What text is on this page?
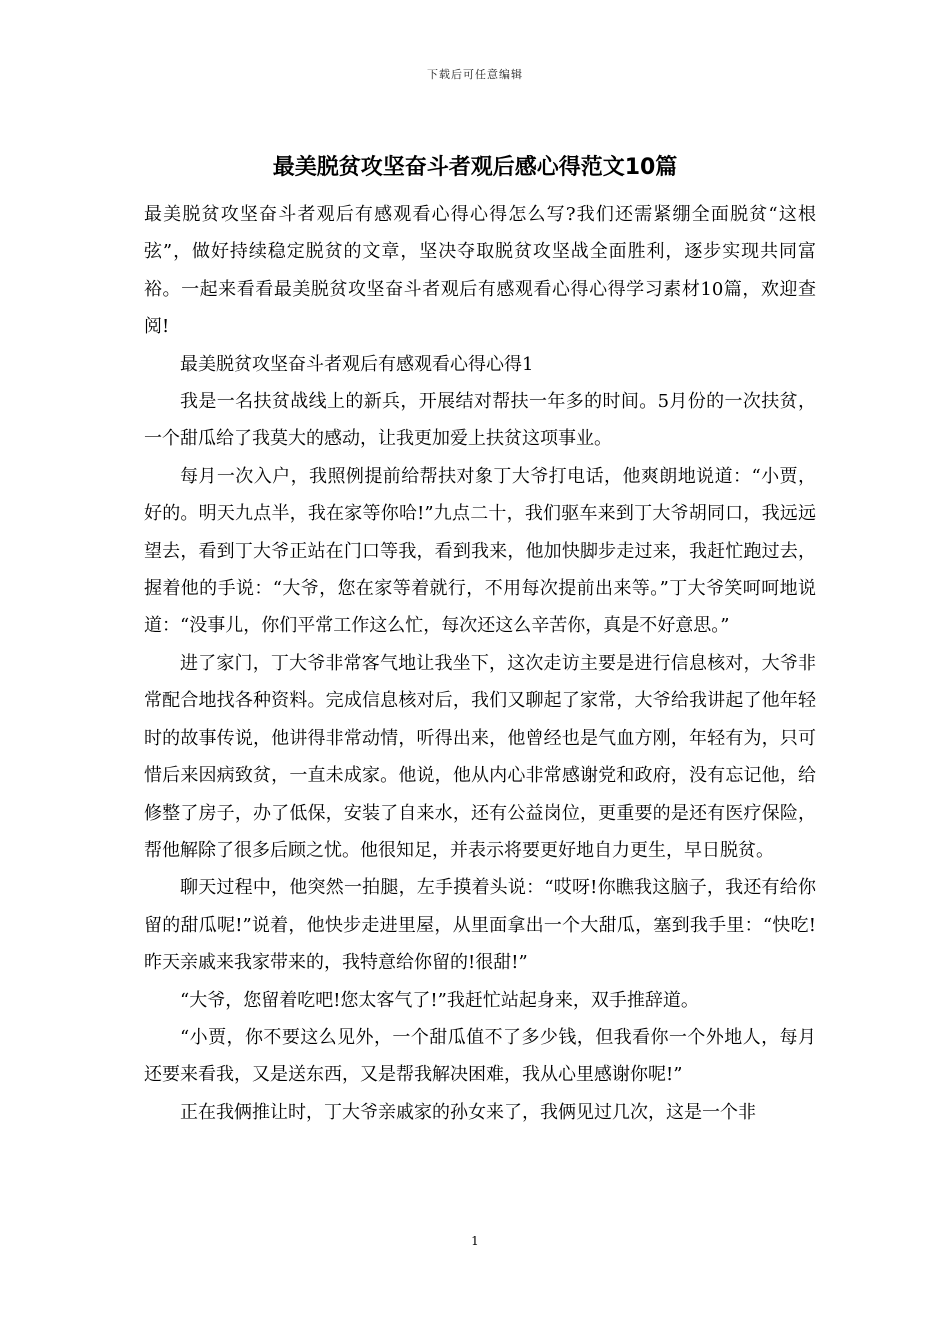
下载后可任意编辑
最美脱贫攻坚奋斗者观后感心得范文10篇

最美脱贫攻坚奋斗者观后有感观看心得心得怎么写?我们还需紧绷全面脱贫“这根弦”，做好持续稳定脱贫的文章，坚决夺取脱贫攻坚战全面胜利，逐步实现共同富裕。一起来看看最美脱贫攻坚奋斗者观后有感观看心得心得学习素材10篇，欢迎查阅!

最美脱贫攻坚奋斗者观后有感观看心得心得1

我是一名扶贫战线上的新兵，开展结对帮扶一年多的时间。5月份的一次扶贫，一个甜瓜给了我莫大的感动，让我更加爱上扶贫这项事业。

每月一次入户，我照例提前给帮扶对象丁大爷打电话，他爽朗地说道：“小贾，好的。明天九点半，我在家等你哈!”九点二十，我们驱车来到丁大爷胡同口，我远远望去，看到丁大爷正站在门口等我，看到我来，他加快脚步走过来，我赶忙跑过去，握着他的手说：“大爷，您在家等着就行，不用每次提前出来等。”丁大爷笑呵呵地说道：“没事儿，你们平常工作这么忙，每次还这么辛苦你，真是不好意思。”

进了家门，丁大爷非常客气地让我坐下，这次走访主要是进行信息核对，大爷非常配合地找各种资料。完成信息核对后，我们又聊起了家常，大爷给我讲起了他年轻时的故事传说，他讲得非常动情，听得出来，他曾经也是气血方刚，年轻有为，只可惜后来因病致贫，一直未成家。他说，他从内心非常感谢党和政府，没有忘记他，给修整了房子，办了低保，安装了自来水，还有公益岗位，更重要的是还有医疗保险，帮他解除了很多后顾之忧。他很知足，并表示将要更好地自力更生，早日脱贫。

聊天过程中，他突然一拍腿，左手摸着头说：“哎呀!你瞧我这脑子，我还有给你留的甜瓜呢!”说着，他快步走进里屋，从里面拿出一个大甜瓜，塞到我手里：“快吃!昨天亲戚来我家带来的，我特意给你留的!很甜!”

“大爷，您留着吃吧!您太客气了!”我赶忙站起身来，双手推辞道。

“小贾，你不要这么见外，一个甜瓜值不了多少钱，但我看你一个外地人，每月还要来看我，又是送东西，又是帮我解决困难，我从心里感谢你呢!”

正在我俩推让时，丁大爷亲戚家的孙女来了，我俩见过几次，这是一个非

1
